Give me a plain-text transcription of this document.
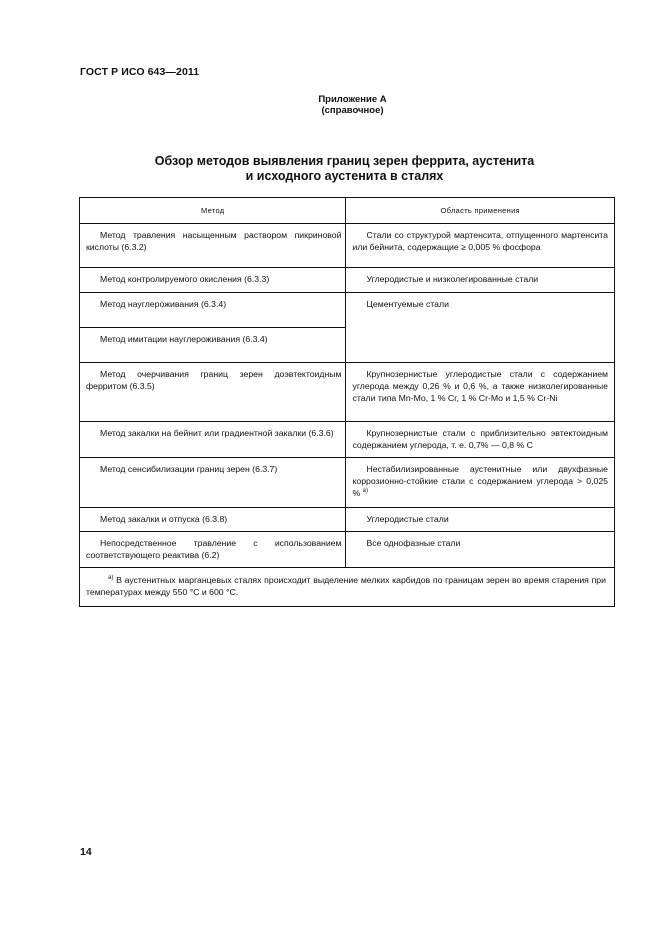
ГОСТ Р ИСО 643—2011
Приложение А
(справочное)
Обзор методов выявления границ зерен феррита, аустенита
и исходного аустенита в сталях
Метод	Область применения

Метод травления насыщенным раствором пикриновой кислоты (6.3.2)	Стали со структурой мартенсита, отпущенного мартенсита или бейнита, содержащие ≥ 0,005 % фосфора

Метод контролируемого окисления (6.3.3)	Углеродистые и низколегированные стали

Метод науглероживания (6.3.4)	Цементуемые стали

Метод имитации науглероживания (6.3.4)	

Метод очерчивания границ зерен доэвтектоидным ферритом (6.3.5)	Крупнозернистые углеродистые стали с содержанием углерода между 0,26 % и 0,6 %, а также низколегированные стали типа Mn-Mo, 1 % Cr, 1 % Cr-Mo и 1,5 % Cr-Ni

Метод закалки на бейнит или градиентной закалки (6.3.6)	Крупнозернистые стали с приблизительно эвтектоидным содержанием углерода, т. е. 0,7% — 0,8 % С

Метод сенсибилизации границ зерен (6.3.7)	Нестабилизированные аустенитные или двухфазные коррозионно-стойкие стали с содержанием углерода > 0,025 % $^{а)}$

Метод закалки и отпуска (6.3.8)	Углеродистые стали

Непосредственное травление с использованием соответствующего реактива (6.2)	Все однофазные стали

$^{а)}$ В аустенитных марганцевых сталях происходит выделение мелких карбидов по границам зерен во время старения при температурах между 550 °С и 600 °С.	
14
